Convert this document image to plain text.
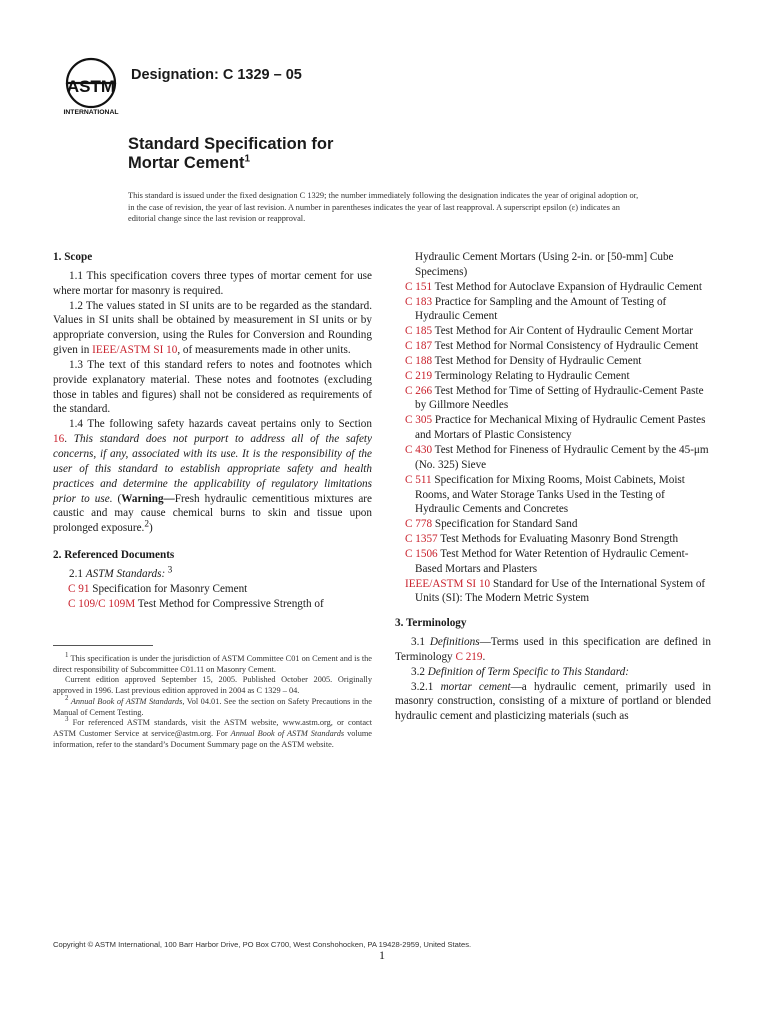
ASTM
INTERNATIONAL
Designation: C 1329 – 05
Standard Specification for
Mortar Cement$^1$
This standard is issued under the fixed designation C 1329; the number immediately following the designation indicates the year of original adoption or, in the case of revision, the year of last revision. A number in parentheses indicates the year of last reapproval. A superscript epsilon (ε) indicates an editorial change since the last revision or reapproval.

1. Scope

1.1 This specification covers three types of mortar cement for use where mortar for masonry is required.

1.2 The values stated in SI units are to be regarded as the standard. Values in SI units shall be obtained by measurement in SI units or by appropriate conversion, using the Rules for Conversion and Rounding given in IEEE/ASTM SI 10, of measurements made in other units.

1.3 The text of this standard refers to notes and footnotes which provide explanatory material. These notes and footnotes (excluding those in tables and figures) shall not be considered as requirements of the standard.

1.4 The following safety hazards caveat pertains only to Section 16. This standard does not purport to address all of the safety concerns, if any, associated with its use. It is the responsibility of the user of this standard to establish appropriate safety and health practices and determine the applicability of regulatory limitations prior to use. (Warning—Fresh hydraulic cementitious mixtures are caustic and may cause chemical burns to skin and tissue upon prolonged exposure.$^2$)

2. Referenced Documents

2.1 ASTM Standards: $^3$

C 91 Specification for Masonry Cement

C 109/C 109M Test Method for Compressive Strength of

$^1$ This specification is under the jurisdiction of ASTM Committee C01 on Cement and is the direct responsibility of Subcommittee C01.11 on Masonry Cement.

Current edition approved September 15, 2005. Published October 2005. Originally approved in 1996. Last previous edition approved in 2004 as C 1329 – 04.

$^2$ Annual Book of ASTM Standards, Vol 04.01. See the section on Safety Precautions in the Manual of Cement Testing.

$^3$ For referenced ASTM standards, visit the ASTM website, www.astm.org, or contact ASTM Customer Service at service@astm.org. For Annual Book of ASTM Standards volume information, refer to the standard’s Document Summary page on the ASTM website.

Hydraulic Cement Mortars (Using 2-in. or [50-mm] Cube Specimens)

C 151 Test Method for Autoclave Expansion of Hydraulic Cement

C 183 Practice for Sampling and the Amount of Testing of Hydraulic Cement

C 185 Test Method for Air Content of Hydraulic Cement Mortar

C 187 Test Method for Normal Consistency of Hydraulic Cement

C 188 Test Method for Density of Hydraulic Cement

C 219 Terminology Relating to Hydraulic Cement

C 266 Test Method for Time of Setting of Hydraulic-Cement Paste by Gillmore Needles

C 305 Practice for Mechanical Mixing of Hydraulic Cement Pastes and Mortars of Plastic Consistency

C 430 Test Method for Fineness of Hydraulic Cement by the 45-μm (No. 325) Sieve

C 511 Specification for Mixing Rooms, Moist Cabinets, Moist Rooms, and Water Storage Tanks Used in the Testing of Hydraulic Cements and Concretes

C 778 Specification for Standard Sand

C 1357 Test Methods for Evaluating Masonry Bond Strength

C 1506 Test Method for Water Retention of Hydraulic Cement-Based Mortars and Plasters

IEEE/ASTM SI 10 Standard for Use of the International System of Units (SI): The Modern Metric System

3. Terminology

3.1 Definitions—Terms used in this specification are defined in Terminology C 219.

3.2 Definition of Term Specific to This Standard:

3.2.1 mortar cement—a hydraulic cement, primarily used in masonry construction, consisting of a mixture of portland or blended hydraulic cement and plasticizing materials (such as

Copyright © ASTM International, 100 Barr Harbor Drive, PO Box C700, West Conshohocken, PA 19428-2959, United States.
1
